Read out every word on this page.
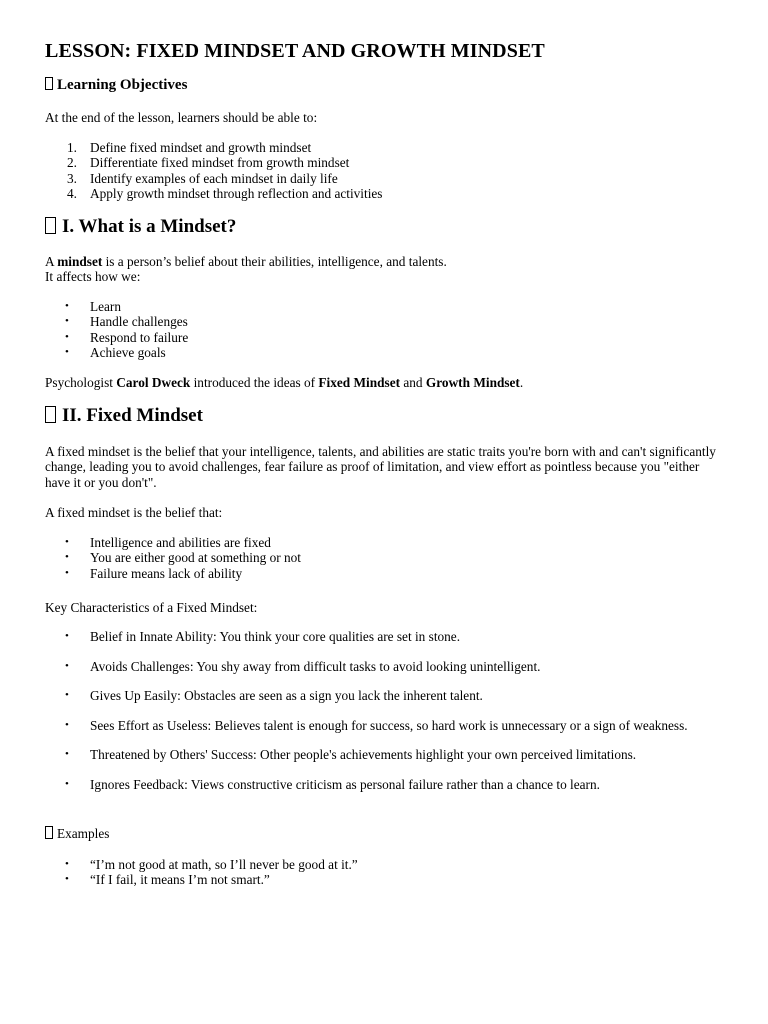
LESSON: FIXED MINDSET AND GROWTH MINDSET
Learning Objectives

At the end of the lesson, learners should be able to:

1. Define fixed mindset and growth mindset
2. Differentiate fixed mindset from growth mindset
3. Identify examples of each mindset in daily life
4. Apply growth mindset through reflection and activities
I. What is a Mindset?

A mindset is a person’s belief about their abilities, intelligence, and talents.
It affects how we:

• Learn
• Handle challenges
• Respond to failure
• Achieve goals

Psychologist Carol Dweck introduced the ideas of Fixed Mindset and Growth Mindset.

II. Fixed Mindset

A fixed mindset is the belief that your intelligence, talents, and abilities are static traits you're born with and can't significantly change, leading you to avoid challenges, fear failure as proof of limitation, and view effort as pointless because you "either have it or you don't".

A fixed mindset is the belief that:

• Intelligence and abilities are fixed
• You are either good at something or not
• Failure means lack of ability

Key Characteristics of a Fixed Mindset:

• Belief in Innate Ability: You think your core qualities are set in stone.
• Avoids Challenges: You shy away from difficult tasks to avoid looking unintelligent.
• Gives Up Easily: Obstacles are seen as a sign you lack the inherent talent.
• Sees Effort as Useless: Believes talent is enough for success, so hard work is unnecessary or a sign of weakness.
• Threatened by Others' Success: Other people's achievements highlight your own perceived limitations.
• Ignores Feedback: Views constructive criticism as personal failure rather than a chance to learn.

Examples

• “I’m not good at math, so I’ll never be good at it.”
• “If I fail, it means I’m not smart.”
